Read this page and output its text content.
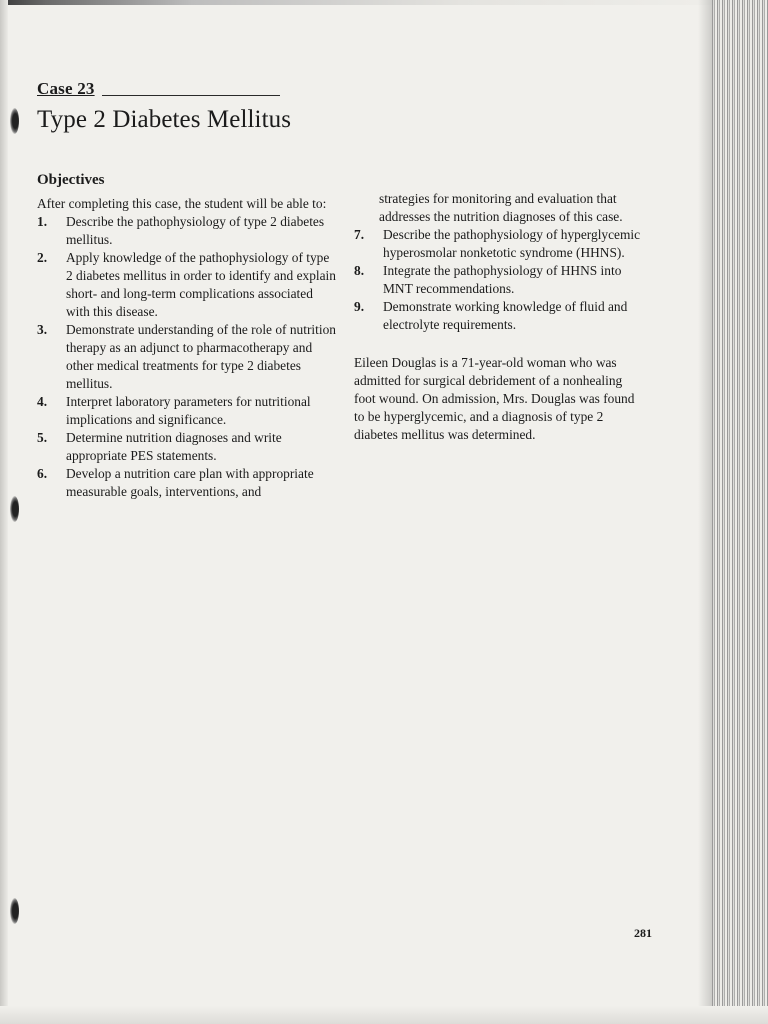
Case 23
Type 2 Diabetes Mellitus
Objectives

After completing this case, the student will be able to:

1. Describe the pathophysiology of type 2 diabetes mellitus.
2. Apply knowledge of the pathophysiology of type 2 diabetes mellitus in order to identify and explain short- and long-term complications associated with this disease.
3. Demonstrate understanding of the role of nutrition therapy as an adjunct to pharmacotherapy and other medical treatments for type 2 diabetes mellitus.
4. Interpret laboratory parameters for nutritional implications and significance.
5. Determine nutrition diagnoses and write appropriate PES statements.
6. Develop a nutrition care plan with appropriate measurable goals, interventions, and

strategies for monitoring and evaluation that addresses the nutrition diagnoses of this case.

7. Describe the pathophysiology of hyperglycemic hyperosmolar nonketotic syndrome (HHNS).
8. Integrate the pathophysiology of HHNS into MNT recommendations.
9. Demonstrate working knowledge of fluid and electrolyte requirements.

Eileen Douglas is a 71-year-old woman who was admitted for surgical debridement of a nonhealing foot wound. On admission, Mrs. Douglas was found to be hyperglycemic, and a diagnosis of type 2 diabetes mellitus was determined.

281
